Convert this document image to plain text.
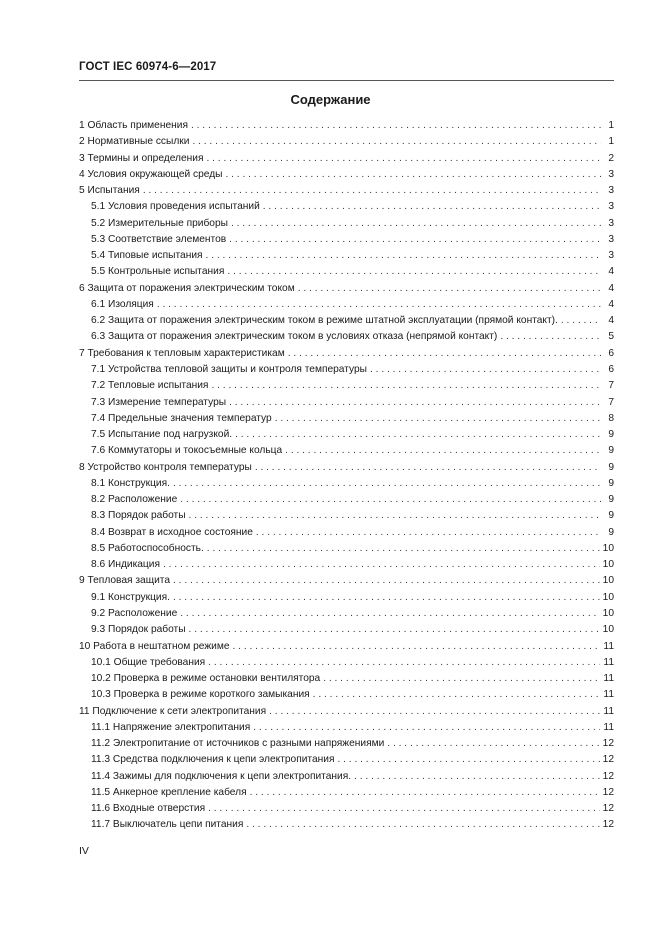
ГОСТ IEC 60974-6—2017
Содержание
1 Область применения . . .	1
2 Нормативные ссылки . . .	1
3 Термины и определения . . .	2
4 Условия окружающей среды . . .	3
5 Испытания . . .	3
5.1 Условия проведения испытаний . . .	3
5.2 Измерительные приборы . . .	3
5.3 Соответствие элементов . . .	3
5.4 Типовые испытания . . .	3
5.5 Контрольные испытания . . .	4
6 Защита от поражения электрическим током . . .	4
6.1 Изоляция . . .	4
6.2 Защита от поражения электрическим током в режиме штатной эксплуатации (прямой контакт). . . .	4
6.3 Защита от поражения электрическим током в условиях отказа (непрямой контакт) . . .	5
7 Требования к тепловым характеристикам . . .	6
7.1 Устройства тепловой защиты и контроля температуры . . .	6
7.2 Тепловые испытания . . .	7
7.3 Измерение температуры . . .	7
7.4 Предельные значения температур . . .	8
7.5 Испытание под нагрузкой. . . .	9
7.6 Коммутаторы и токосъемные кольца . . .	9
8 Устройство контроля температуры . . .	9
8.1 Конструкция. . . .	9
8.2 Расположение . . .	9
8.3 Порядок работы . . .	9
8.4 Возврат в исходное состояние . . .	9
8.5 Работоспособность. . . .	10
8.6 Индикация . . .	10
9 Тепловая защита . . .	10
9.1 Конструкция. . . .	10
9.2 Расположение . . .	10
9.3 Порядок работы . . .	10
10 Работа в нештатном режиме . . .	11
10.1 Общие требования . . .	11
10.2 Проверка в режиме остановки вентилятора . . .	11
10.3 Проверка в режиме короткого замыкания . . .	11
11 Подключение к сети электропитания . . .	11
11.1 Напряжение электропитания . . .	11
11.2 Электропитание от источников с разными напряжениями . . .	12
11.3 Средства подключения к цепи электропитания . . .	12
11.4 Зажимы для подключения к цепи электропитания. . . .	12
11.5 Анкерное крепление кабеля . . .	12
11.6 Входные отверстия . . .	12
11.7 Выключатель цепи питания . . .	12
IV
